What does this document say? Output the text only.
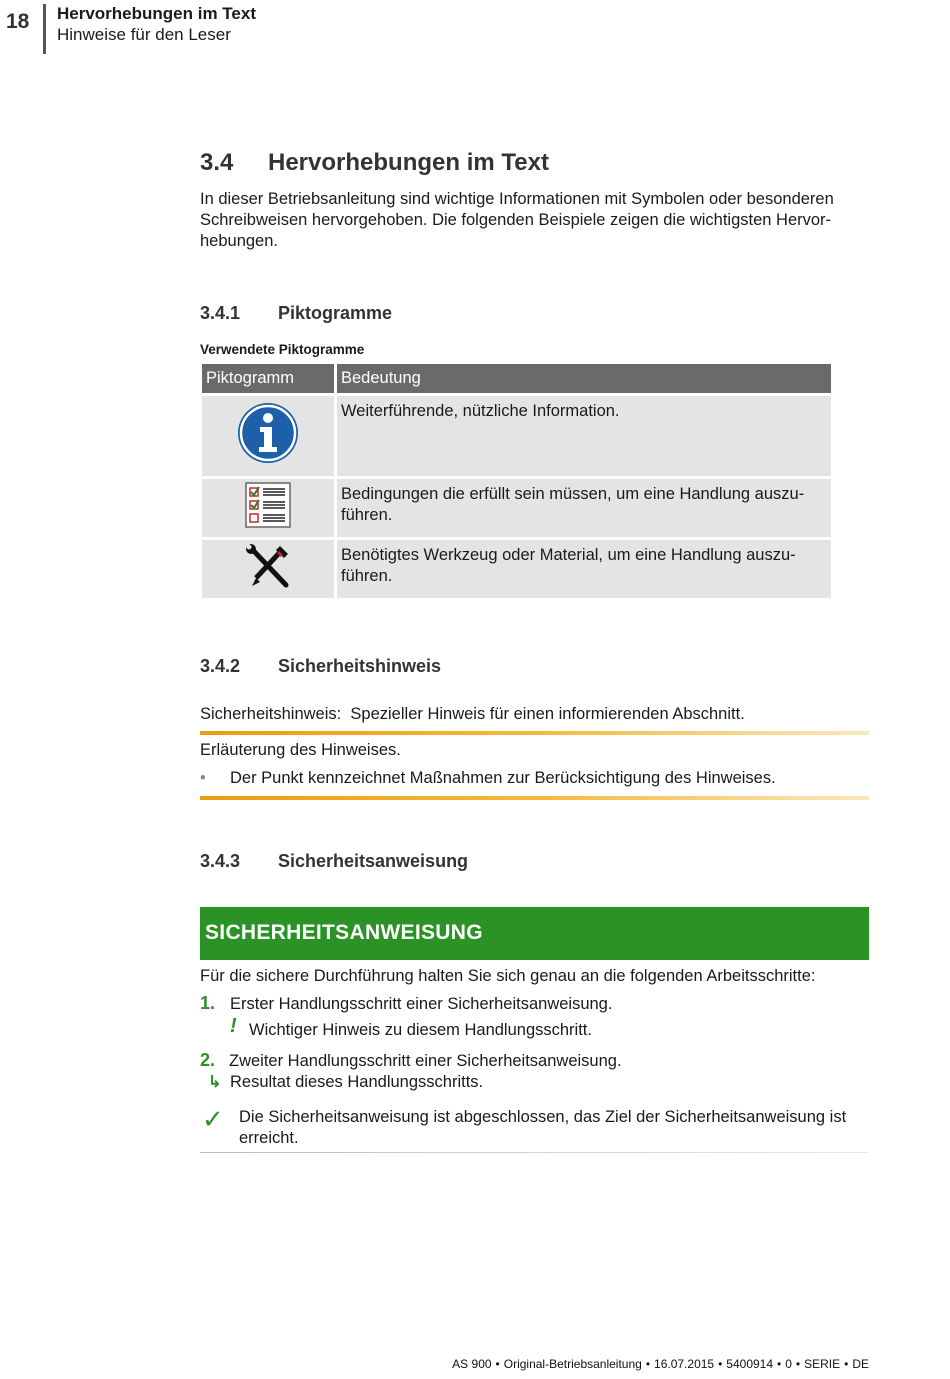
18 Hervorhebungen im Text
Hinweise für den Leser
3.4 Hervorhebungen im Text
In dieser Betriebsanleitung sind wichtige Informationen mit Symbolen oder besonderen
Schreibweisen hervorgehoben. Die folgenden Beispiele zeigen die wichtigsten Hervor-
hebungen.
3.4.1 Piktogramme
Verwendete Piktogramme
Piktogramm	Bedeutung

Weiterführende, nützliche Information.

Bedingungen die erfüllt sein müssen, um eine Handlung auszu-
führen.

Benötigtes Werkzeug oder Material, um eine Handlung auszu-
führen.
3.4.2 Sicherheitshinweis
Sicherheitshinweis: Spezieller Hinweis für einen informierenden Abschnitt.
Erläuterung des Hinweises.
• Der Punkt kennzeichnet Maßnahmen zur Berücksichtigung des Hinweises.
3.4.3 Sicherheitsanweisung
SICHERHEITSANWEISUNG
Für die sichere Durchführung halten Sie sich genau an die folgenden Arbeitsschritte:
1. Erster Handlungsschritt einer Sicherheitsanweisung.
! Wichtiger Hinweis zu diesem Handlungsschritt.
2. Zweiter Handlungsschritt einer Sicherheitsanweisung.
↳ Resultat dieses Handlungsschritts.
✓ Die Sicherheitsanweisung ist abgeschlossen, das Ziel der Sicherheitsanweisung ist
erreicht.
AS 900 • Original-Betriebsanleitung • 16.07.2015 • 5400914 • 0 • SERIE • DE
